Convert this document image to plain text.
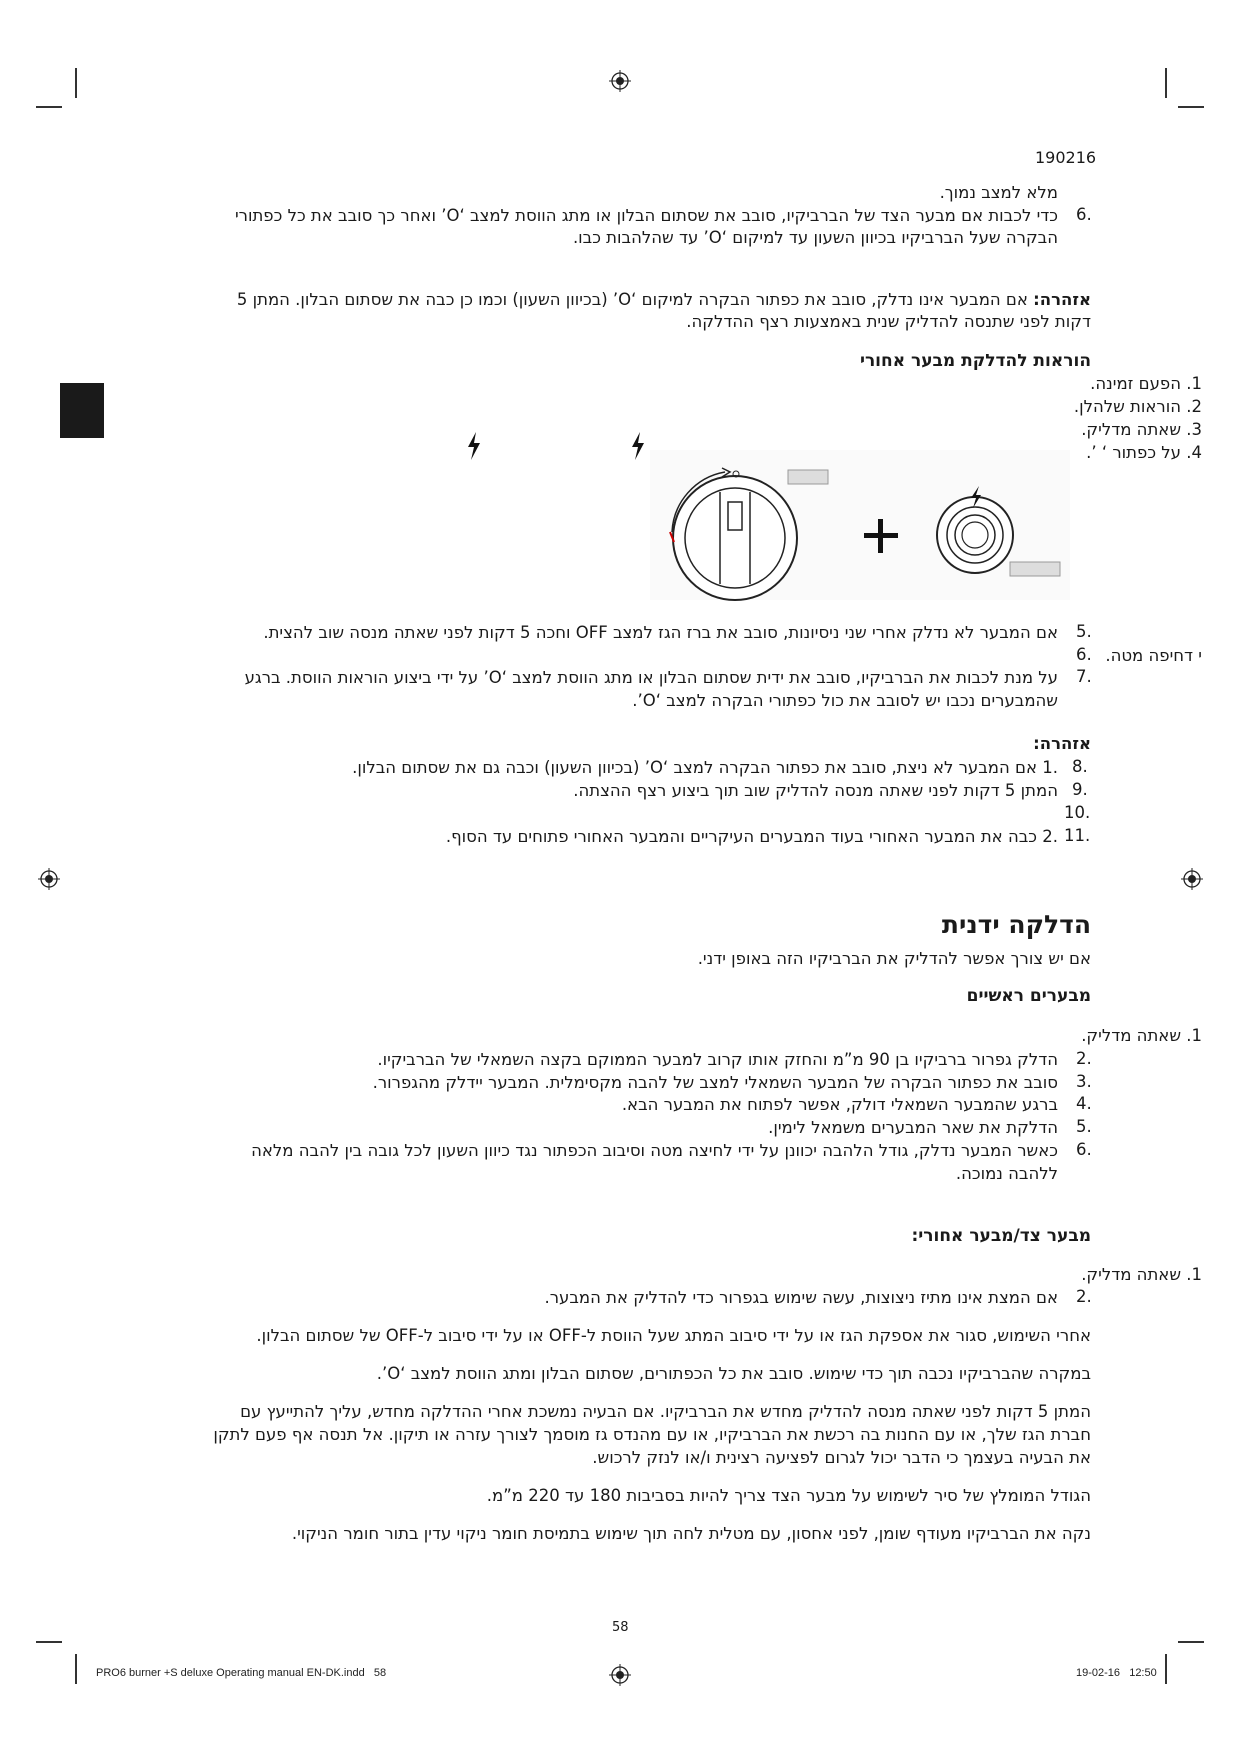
190216
מלא למצב נמוך.
6.
כדי לכבות אם מבער הצד של הברביקיו, סובב את שסתום הבלון או מתג הווסת למצב ‘O’ ואחר כך סובב את כל כפתורי
הבקרה שעל הברביקיו בכיוון השעון עד למיקום ‘O’ עד שהלהבות כבו.
אזהרה: אם המבער אינו נדלק, סובב את כפתור הבקרה למיקום ‘O’ (בכיוון השעון) וכמו כן כבה את שסתום הבלון. המתן 5
דקות לפני שתנסה להדליק שנית באמצעות רצף ההדלקה.
הוראות להדלקת מבער אחורי
1. הפעם זמינה.
2. הוראות שלהלן.
3. שאתה מדליק.
4. על כפתור ‘ ’.
5.
אם המבער לא נדלק אחרי שני ניסיונות, סובב את ברז הגז למצב OFF וחכה 5 דקות לפני שאתה מנסה שוב להצית.
6. י דחיפה מטה.
7.
על מנת לכבות את הברביקיו, סובב את ידית שסתום הבלון או מתג הווסת למצב ‘O’ על ידי ביצוע הוראות הווסת. ברגע
שהמבערים נכבו יש לסובב את כול כפתורי הבקרה למצב ‘O’.
אזהרה:
8.
.1 אם המבער לא ניצת, סובב את כפתור הבקרה למצב ‘O’ (בכיוון השעון) וכבה גם את שסתום הבלון.
9.
המתן 5 דקות לפני שאתה מנסה להדליק שוב תוך ביצוע רצף ההצתה.
10.
11.
.2 כבה את המבער האחורי בעוד המבערים העיקריים והמבער האחורי פתוחים עד הסוף.
הדלקה ידנית
אם יש צורך אפשר להדליק את הברביקיו הזה באופן ידני.
מבערים ראשיים
1. שאתה מדליק.
2.
הדלק גפרור ברביקיו בן 90 מ”מ והחזק אותו קרוב למבער הממוקם בקצה השמאלי של הברביקיו.
3.
סובב את כפתור הבקרה של המבער השמאלי למצב של להבה מקסימלית. המבער יידלק מהגפרור.
4.
ברגע שהמבער השמאלי דולק, אפשר לפתוח את המבער הבא.
5.
הדלקת את שאר המבערים משמאל לימין.
6.
כאשר המבער נדלק, גודל הלהבה יכוונן על ידי לחיצה מטה וסיבוב הכפתור נגד כיוון השעון לכל גובה בין להבה מלאה
ללהבה נמוכה.
מבער צד/מבער אחורי:
1. שאתה מדליק.
2.
אם המצת אינו מתיז ניצוצות, עשה שימוש בגפרור כדי להדליק את המבער.
אחרי השימוש, סגור את אספקת הגז או על ידי סיבוב המתג שעל הווסת ל-OFF או על ידי סיבוב ל-OFF של שסתום הבלון.
במקרה שהברביקיו נכבה תוך כדי שימוש. סובב את כל הכפתורים, שסתום הבלון ומתג הווסת למצב ‘O’.
המתן 5 דקות לפני שאתה מנסה להדליק מחדש את הברביקיו. אם הבעיה נמשכת אחרי ההדלקה מחדש, עליך להתייעץ עם
חברת הגז שלך, או עם החנות בה רכשת את הברביקיו, או עם מהנדס גז מוסמך לצורך עזרה או תיקון. אל תנסה אף פעם לתקן
את הבעיה בעצמך כי הדבר יכול לגרום לפציעה רצינית ו/או לנזק לרכוש.
הגודל המומלץ של סיר לשימוש על מבער הצד צריך להיות בסביבות 180 עד 220 מ”מ.
נקה את הברביקיו מעודף שומן, לפני אחסון, עם מטלית לחה תוך שימוש בתמיסת חומר ניקוי עדין בתור חומר הניקוי.
58
PRO6 burner +S deluxe Operating manual EN-DK.indd   58	19-02-16   12:50
